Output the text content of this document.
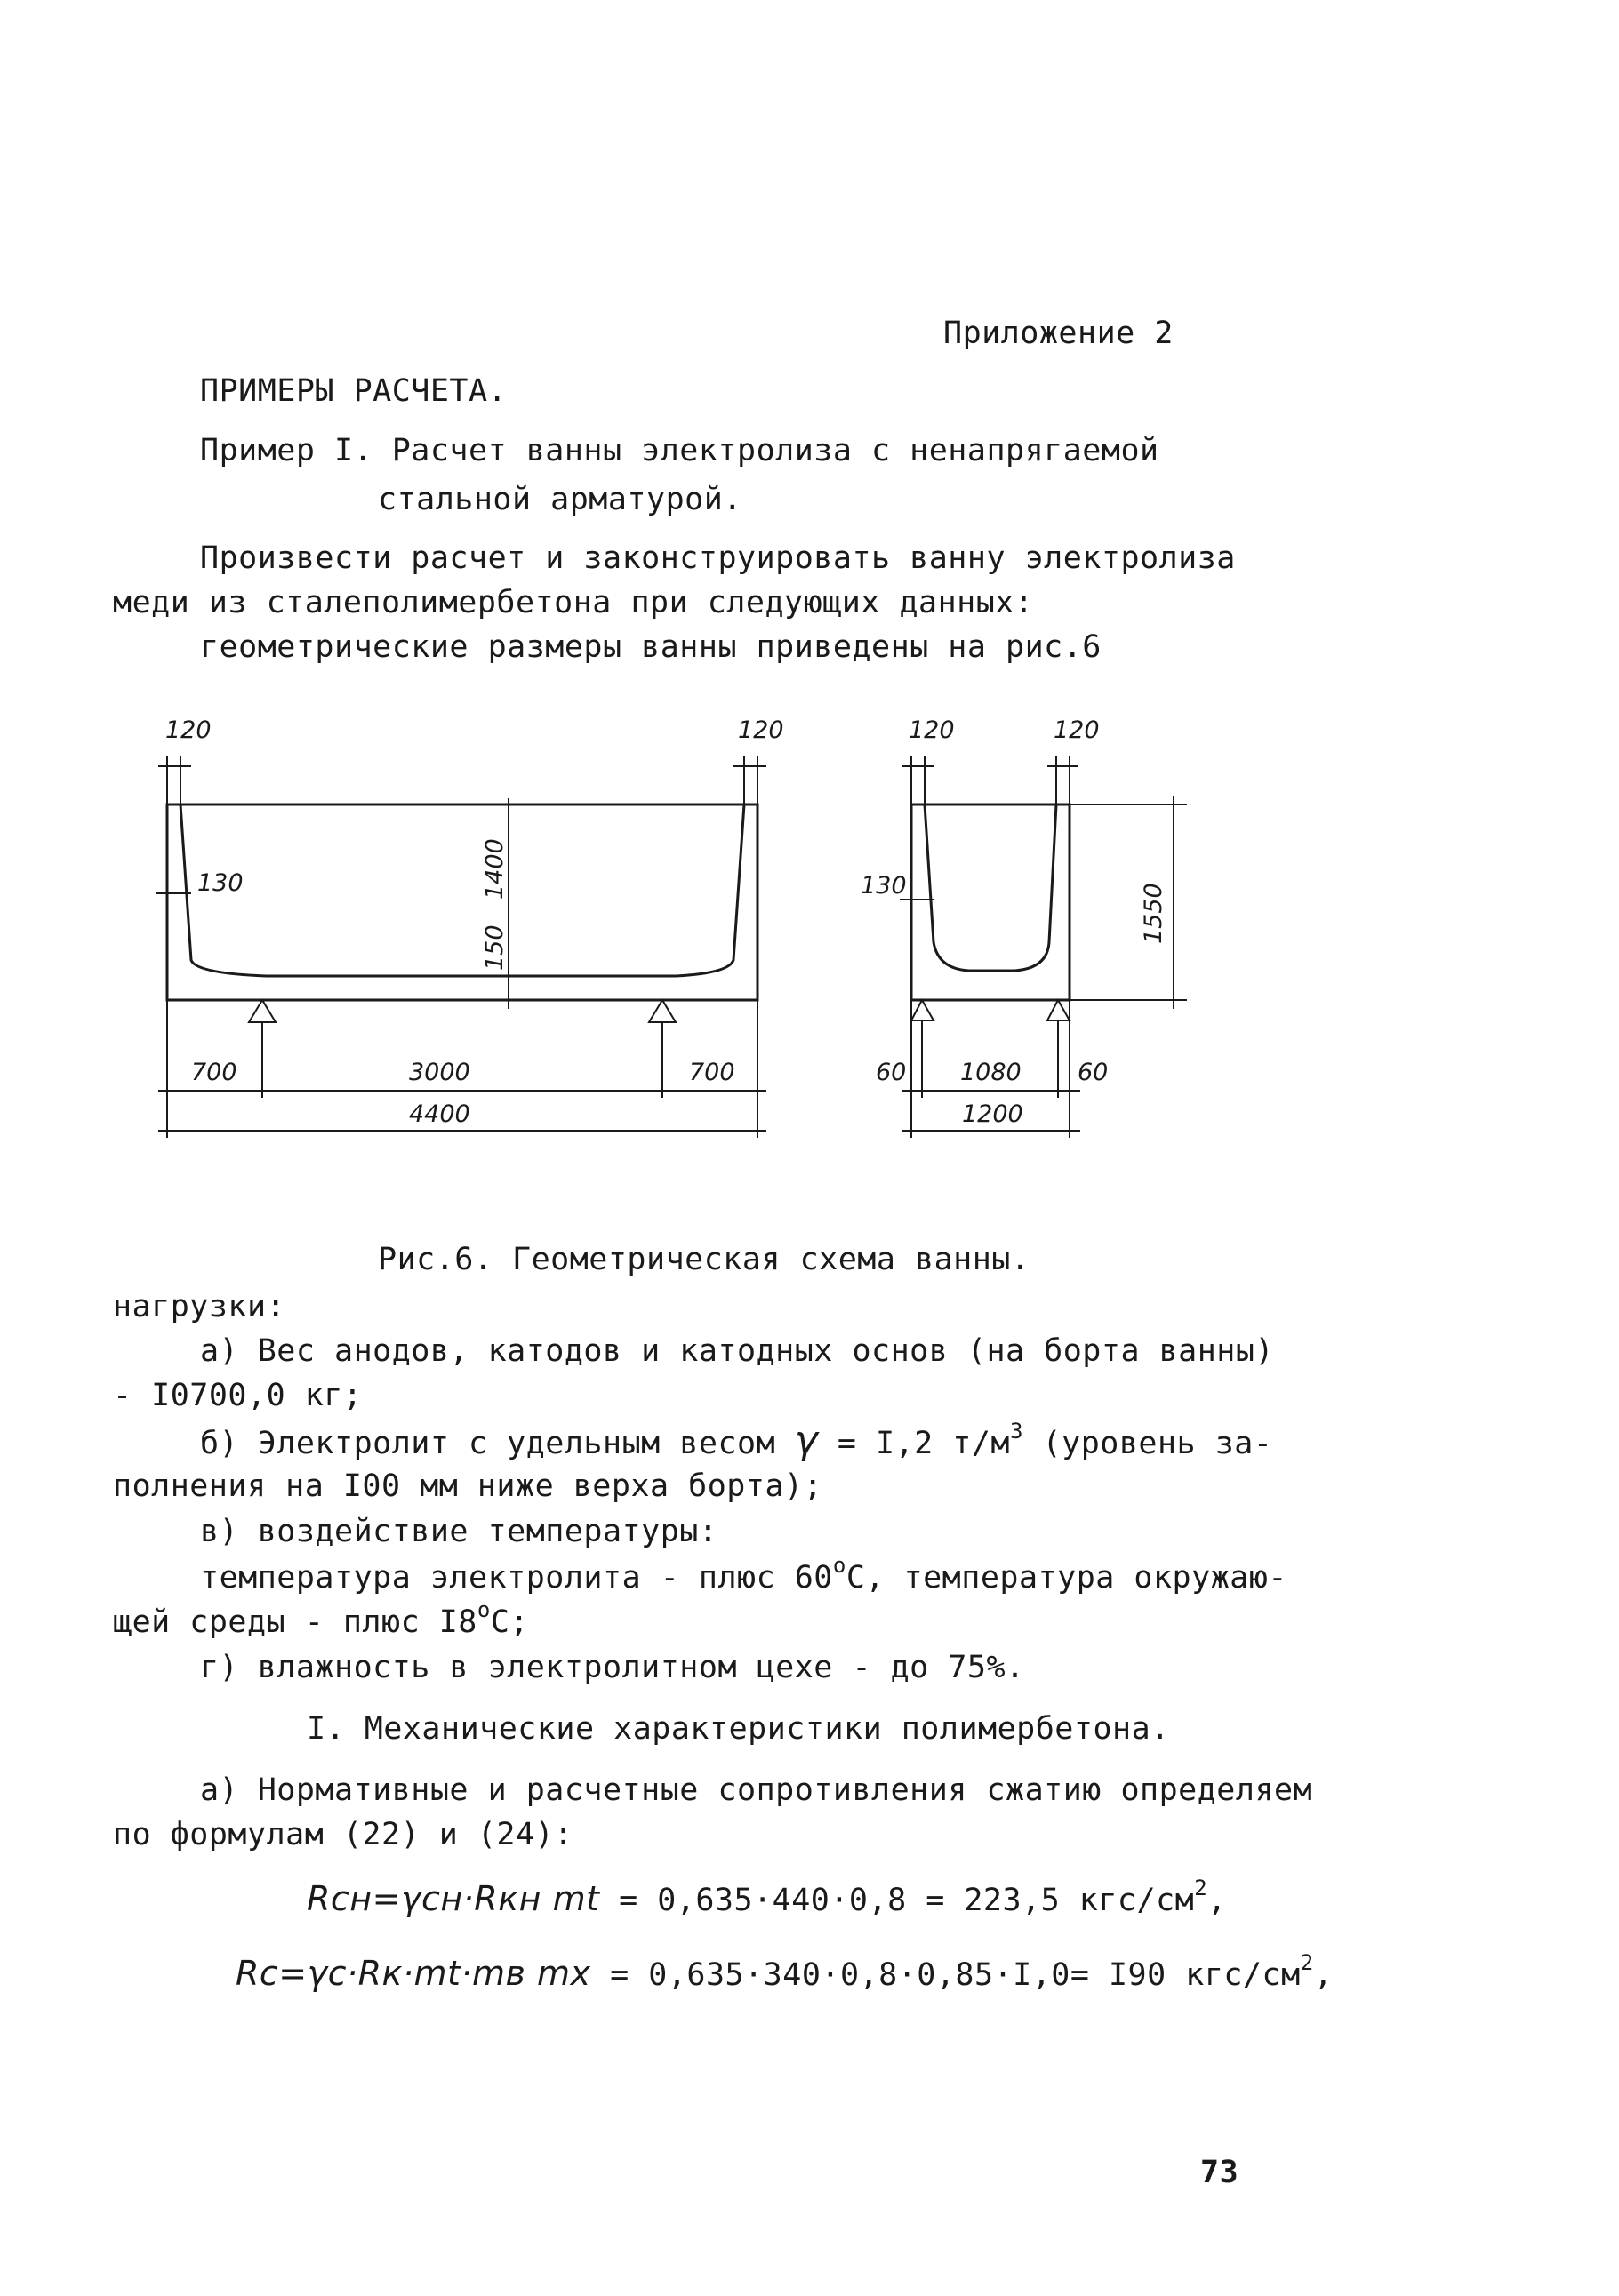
Приложение 2
ПРИМЕРЫ РАСЧЕТА.
Пример I. Расчет ванны электролиза с ненапрягаемой
стальной арматурой.
Произвести расчет и законструировать ванну электролиза
меди из сталеполимербетона при следующих данных:
геометрические размеры ванны приведены на рис.6
120	120
130	1400
150
700	3000	700
4400
120	120
130	1550
60 1080 60
1200
Рис.6. Геометрическая схема ванны.
нагрузки:
а) Вес анодов, катодов и катодных основ (на борта ванны)
- I0700,0 кг;
б) Электролит с удельным весом γ = I,2 $т/м^3$ (уровень за-
полнения на I00 мм ниже верха борта);
в) воздействие температуры:
температура электролита - плюс $60^оС$, температура окружаю-
щей среды - плюс $I8^оС$;
г) влажность в электролитном цехе - до 75%.
I. Механические характеристики полимербетона.
а) Нормативные и расчетные сопротивления сжатию определяем
по формулам (22) и (24):
Rсн=γсн·Rкн mt = 0,635·440·0,8 = 223,5 кгс/$см^2$,
Rс=γс·Rк·mt·mв mx = 0,635·340·0,8·0,85·I,0= I90 кгс/$см^2$,
73
